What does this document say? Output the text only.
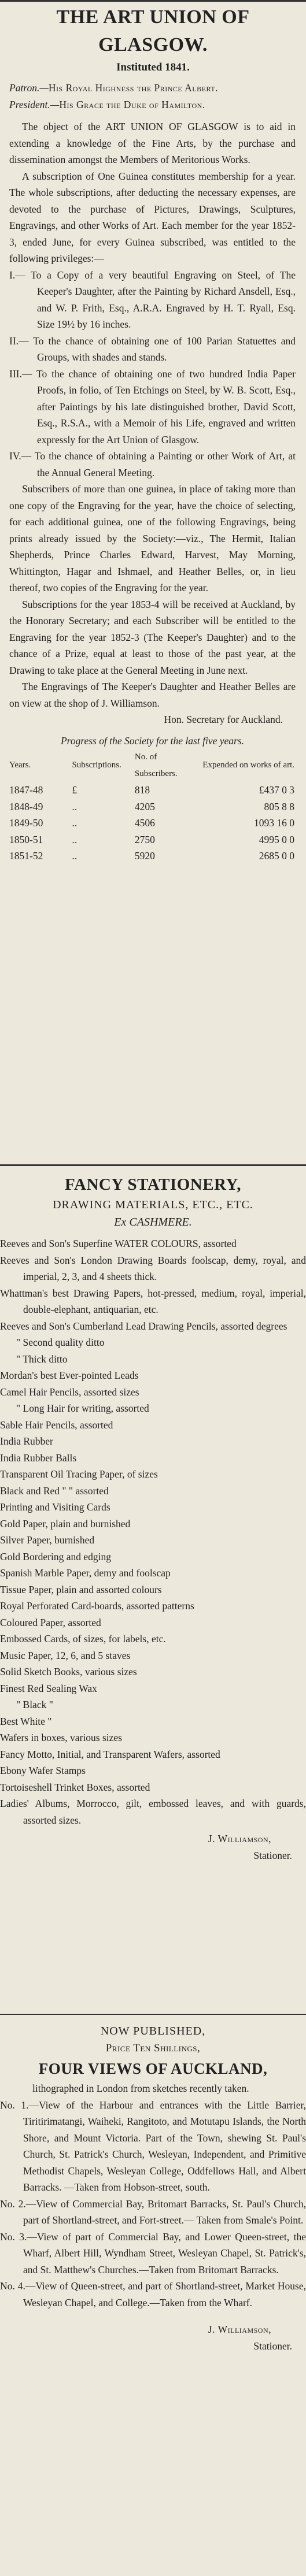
THE ART UNION OF GLASGOW.

Instituted 1841.

Patron.—His Royal Highness the Prince Albert.

President.—His Grace the Duke of Hamilton.

The object of the ART UNION OF GLASGOW is to aid in extending a knowledge of the Fine Arts, by the purchase and dissemination amongst the Members of Meritorious Works.

A subscription of One Guinea constitutes membership for a year. The whole subscriptions, after deducting the necessary expenses, are devoted to the purchase of Pictures, Drawings, Sculptures, Engravings, and other Works of Art. Each member for the year 1852-3, ended June, for every Guinea subscribed, was entitled to the following privileges:—

I.— To a Copy of a very beautiful Engraving on Steel, of The Keeper's Daughter, after the Painting by Richard Ansdell, Esq., and W. P. Frith, Esq., A.R.A. Engraved by H. T. Ryall, Esq. Size 19½ by 16 inches.

II.— To the chance of obtaining one of 100 Parian Statuettes and Groups, with shades and stands.

III.— To the chance of obtaining one of two hundred India Paper Proofs, in folio, of Ten Etchings on Steel, by W. B. Scott, Esq., after Paintings by his late distinguished brother, David Scott, Esq., R.S.A., with a Memoir of his Life, engraved and written expressly for the Art Union of Glasgow.

IV.— To the chance of obtaining a Painting or other Work of Art, at the Annual General Meeting.

Subscribers of more than one guinea, in place of taking more than one copy of the Engraving for the year, have the choice of selecting, for each additional guinea, one of the following Engravings, being prints already issued by the Society:—viz., The Hermit, Italian Shepherds, Prince Charles Edward, Harvest, May Morning, Whittington, Hagar and Ishmael, and Heather Belles, or, in lieu thereof, two copies of the Engraving for the year.

Subscriptions for the year 1853-4 will be received at Auckland, by the Honorary Secretary; and each Subscriber will be entitled to the Engraving for the year 1852-3 (The Keeper's Daughter) and to the chance of a Prize, equal at least to those of the past year, at the Drawing to take place at the General Meeting in June next.

The Engravings of The Keeper's Daughter and Heather Belles are on view at the shop of J. Williamson.

Hon. Secretary for Auckland.

Progress of the Society for the last five years.

Years.	Subscriptions.	No. of Subscribers.	Expended on works of art.
1847-48	£	818	£437 0 3
1848-49	..	4205	805 8 8
1849-50	..	4506	1093 16 0
1850-51	..	2750	4995 0 0
1851-52	..	5920	2685 0 0

FANCY STATIONERY,

DRAWING MATERIALS, ETC., ETC.

Ex CASHMERE.

Reeves and Son's Superfine WATER COLOURS, assorted

Reeves and Son's London Drawing Boards foolscap, demy, royal, and imperial, 2, 3, and 4 sheets thick.

Whattman's best Drawing Papers, hot-pressed, medium, royal, imperial, double-elephant, antiquarian, etc.

Reeves and Son's Cumberland Lead Drawing Pencils, assorted degrees

" Second quality ditto

" Thick ditto

Mordan's best Ever-pointed Leads

Camel Hair Pencils, assorted sizes

" Long Hair for writing, assorted

Sable Hair Pencils, assorted

India Rubber

India Rubber Balls

Transparent Oil Tracing Paper, of sizes

Black and Red " " assorted

Printing and Visiting Cards

Gold Paper, plain and burnished

Silver Paper, burnished

Gold Bordering and edging

Spanish Marble Paper, demy and foolscap

Tissue Paper, plain and assorted colours

Royal Perforated Card-boards, assorted patterns

Coloured Paper, assorted

Embossed Cards, of sizes, for labels, etc.

Music Paper, 12, 6, and 5 staves

Solid Sketch Books, various sizes

Finest Red Sealing Wax

" Black "

Best White "

Wafers in boxes, various sizes

Fancy Motto, Initial, and Transparent Wafers, assorted

Ebony Wafer Stamps

Tortoiseshell Trinket Boxes, assorted

Ladies' Albums, Morrocco, gilt, embossed leaves, and with guards, assorted sizes.

J. Williamson,

Stationer.

NOW PUBLISHED,

Price Ten Shillings,

FOUR VIEWS OF AUCKLAND,

lithographed in London from sketches recently taken.

No. 1.—View of the Harbour and entrances with the Little Barrier, Tiritirimatangi, Waiheki, Rangitoto, and Motutapu Islands, the North Shore, and Mount Victoria. Part of the Town, shewing St. Paul's Church, St. Patrick's Church, Wesleyan, Independent, and Primitive Methodist Chapels, Wesleyan College, Oddfellows Hall, and Albert Barracks. —Taken from Hobson-street, south.

No. 2.—View of Commercial Bay, Britomart Barracks, St. Paul's Church, part of Shortland-street, and Fort-street.— Taken from Smale's Point.

No. 3.—View of part of Commercial Bay, and Lower Queen-street, the Wharf, Albert Hill, Wyndham Street, Wesleyan Chapel, St. Patrick's, and St. Matthew's Churches.—Taken from Britomart Barracks.

No. 4.—View of Queen-street, and part of Shortland-street, Market House, Wesleyan Chapel, and College.—Taken from the Wharf.

J. Williamson,

Stationer.
